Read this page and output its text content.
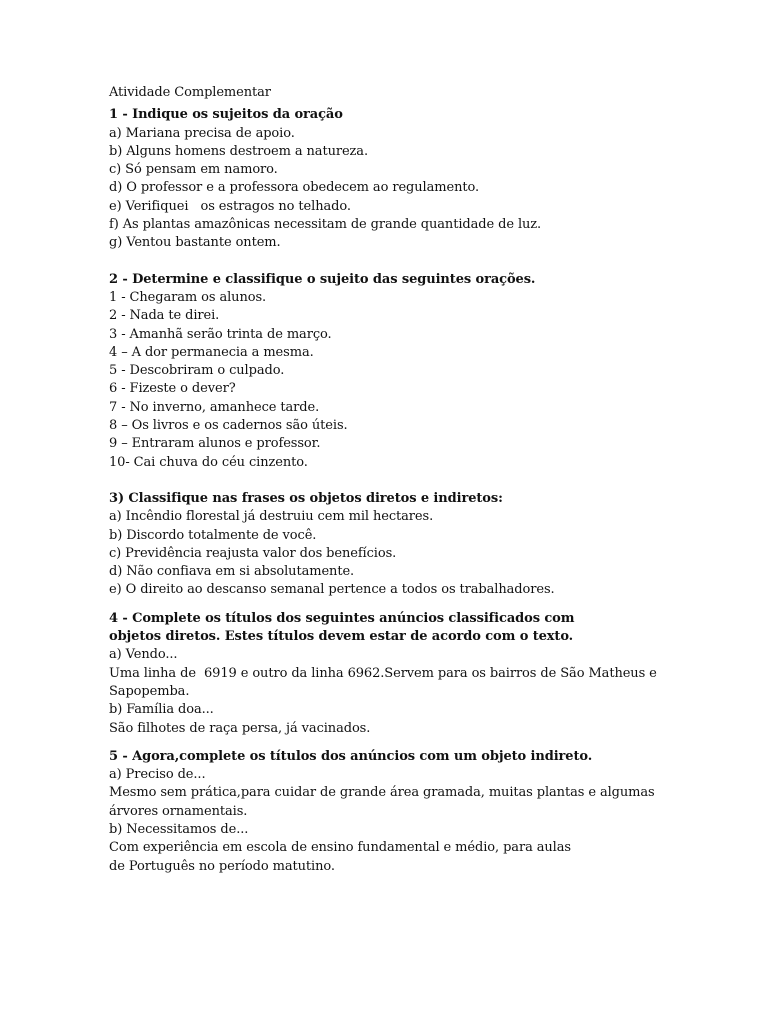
Atividade Complementar

1 - Indique os sujeitos da oração

a) Mariana precisa de apoio.

b) Alguns homens destroem a natureza.

c) Só pensam em namoro.

d) O professor e a professora obedecem ao regulamento.

e) Verifiquei   os estragos no telhado.

f) As plantas amazônicas necessitam de grande quantidade de luz.

g) Ventou bastante ontem.

2 - Determine e classifique o sujeito das seguintes orações.

1 - Chegaram os alunos.

2 - Nada te direi.

3 - Amanhã serão trinta de março.

4 – A dor permanecia a mesma.

5 - Descobriram o culpado.

6 - Fizeste o dever?

7 - No inverno, amanhece tarde.

8 – Os livros e os cadernos são úteis.

9 – Entraram alunos e professor.

10- Cai chuva do céu cinzento.

3) Classifique nas frases os objetos diretos e indiretos:

a) Incêndio florestal já destruiu cem mil hectares.

b) Discordo totalmente de você.

c) Previdência reajusta valor dos benefícios.

d) Não confiava em si absolutamente.

e) O direito ao descanso semanal pertence a todos os trabalhadores.

4 - Complete os títulos dos seguintes anúncios classificados com objetos diretos. Estes títulos devem estar de acordo com o texto.

a) Vendo...

Uma linha de  6919 e outro da linha 6962.Servem para os bairros de São Matheus e Sapopemba.

b) Família doa...

São filhotes de raça persa, já vacinados.

5 - Agora,complete os títulos dos anúncios com um objeto indireto.

a) Preciso de...

Mesmo sem prática,para cuidar de grande área gramada, muitas plantas e algumas árvores ornamentais.

b) Necessitamos de...

Com experiência em escola de ensino fundamental e médio, para aulas de Português no período matutino.
